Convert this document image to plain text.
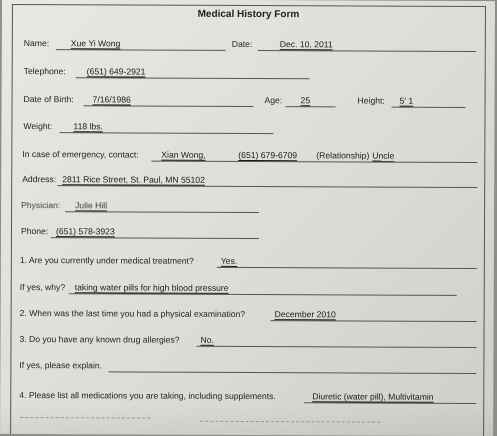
Medical History Form
Name:	Xue Yi Wong	Date:	Dec. 10, 2011
Telephone: (651) 649-2921
Date of Birth: 7/16/1986	Age: 25	Height: 5' 1
Weight: 118 lbs.
In case of emergency, contact:	Xian Wong,	(651) 679-6709 (Relationship) Uncle
Address: 2811 Rice Street, St. Paul, MN 55102
Physician: Julie Hill
Phone: (651) 578-3923
1. Are you currently under medical treatment?	Yes.
If yes, why? taking water pills for high blood pressure
2. When was the last time you had a physical examination?	December 2010
3. Do you have any known drug allergies? No.
If yes, please explain.
4. Please list all medications you are taking, including supplements.	Diuretic (water pill), Multivitamin
